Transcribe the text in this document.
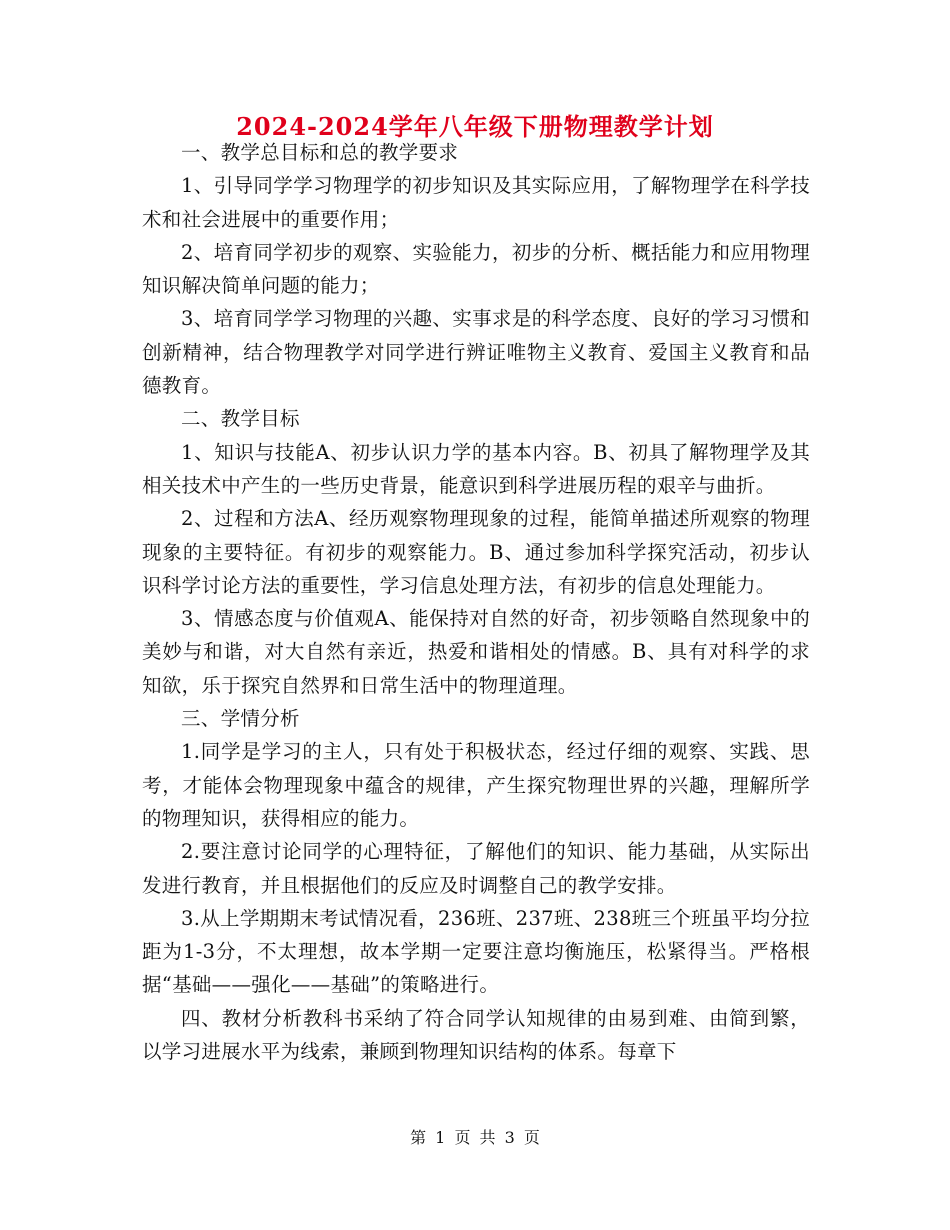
2024-2024学年八年级下册物理教学计划

一、教学总目标和总的教学要求

1、引导同学学习物理学的初步知识及其实际应用，了解物理学在科学技术和社会进展中的重要作用；

2、培育同学初步的观察、实验能力，初步的分析、概括能力和应用物理知识解决简单问题的能力；

3、培育同学学习物理的兴趣、实事求是的科学态度、良好的学习习惯和创新精神，结合物理教学对同学进行辨证唯物主义教育、爱国主义教育和品德教育。

二、教学目标

1、知识与技能A、初步认识力学的基本内容。B、初具了解物理学及其相关技术中产生的一些历史背景，能意识到科学进展历程的艰辛与曲折。

2、过程和方法A、经历观察物理现象的过程，能简单描述所观察的物理现象的主要特征。有初步的观察能力。B、通过参加科学探究活动，初步认识科学讨论方法的重要性，学习信息处理方法，有初步的信息处理能力。

3、情感态度与价值观A、能保持对自然的好奇，初步领略自然现象中的美妙与和谐，对大自然有亲近，热爱和谐相处的情感。B、具有对科学的求知欲，乐于探究自然界和日常生活中的物理道理。

三、学情分析

1.同学是学习的主人，只有处于积极状态，经过仔细的观察、实践、思考，才能体会物理现象中蕴含的规律，产生探究物理世界的兴趣，理解所学的物理知识，获得相应的能力。

2.要注意讨论同学的心理特征，了解他们的知识、能力基础，从实际出发进行教育，并且根据他们的反应及时调整自己的教学安排。

3.从上学期期末考试情况看，236班、237班、238班三个班虽平均分拉距为1-3分，不太理想，故本学期一定要注意均衡施压，松紧得当。严格根据“基础——强化——基础”的策略进行。

四、教材分析教科书采纳了符合同学认知规律的由易到难、由简到繁，以学习进展水平为线索，兼顾到物理知识结构的体系。每章下

第 1 页 共 3 页
